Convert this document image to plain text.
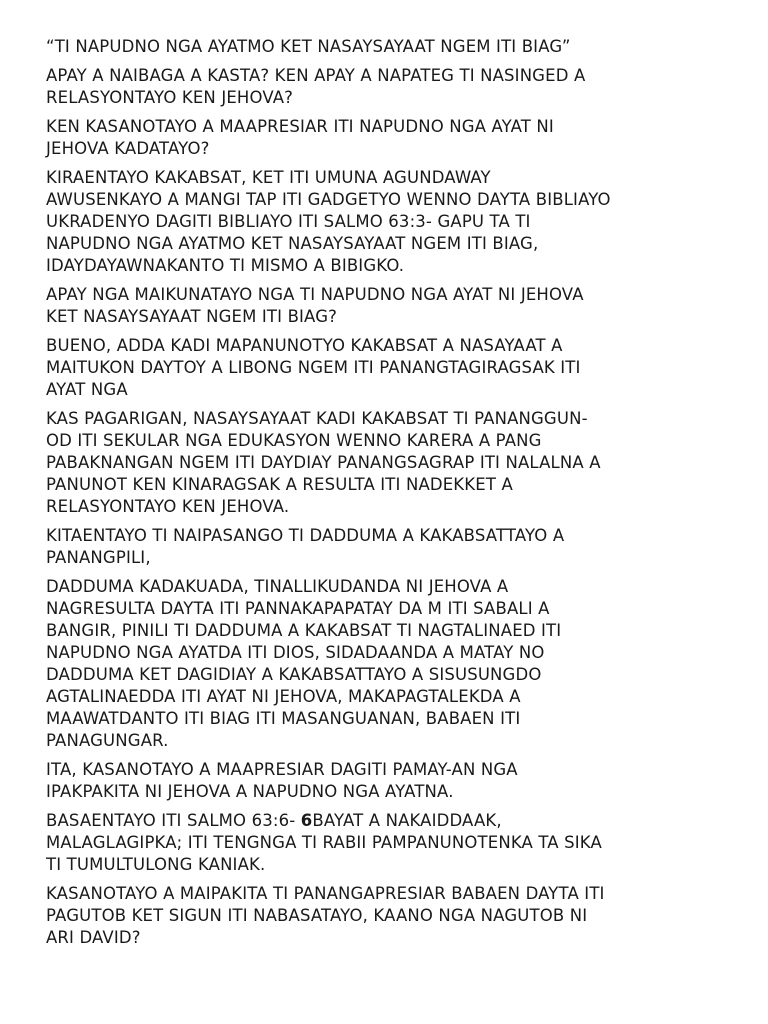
“TI NAPUDNO NGA AYATMO KET NASAYSAYAAT NGEM ITI BIAG”

APAY A NAIBAGA A KASTA? KEN APAY A NAPATEG TI NASINGED A
RELASYONTAYO KEN JEHOVA?

KEN KASANOTAYO A MAAPRESIAR ITI NAPUDNO NGA AYAT NI
JEHOVA KADATAYO?

KIRAENTAYO KAKABSAT, KET ITI UMUNA AGUNDAWAY
AWUSENKAYO A MANGI TAP ITI GADGETYO WENNO DAYTA BIBLIAYO
UKRADENYO DAGITI BIBLIAYO ITI SALMO 63:3- GAPU TA TI
NAPUDNO NGA AYATMO KET NASAYSAYAAT NGEM ITI BIAG,
IDAYDAYAWNAKANTO TI MISMO A BIBIGKO.

APAY NGA MAIKUNATAYO NGA TI NAPUDNO NGA AYAT NI JEHOVA
KET NASAYSAYAAT NGEM ITI BIAG?

BUENO, ADDA KADI MAPANUNOTYO KAKABSAT A NASAYAAT A
MAITUKON DAYTOY A LIBONG NGEM ITI PANANGTAGIRAGSAK ITI
AYAT NGA

KAS PAGARIGAN, NASAYSAYAAT KADI KAKABSAT TI PANANGGUN-
OD ITI SEKULAR NGA EDUKASYON WENNO KARERA A PANG
PABAKNANGAN NGEM ITI DAYDIAY PANANGSAGRAP ITI NALALNA A
PANUNOT KEN KINARAGSAK A RESULTA ITI NADEKKET A
RELASYONTAYO KEN JEHOVA.

KITAENTAYO TI NAIPASANGO TI DADDUMA A KAKABSATTAYO A
PANANGPILI,

DADDUMA KADAKUADA, TINALLIKUDANDA NI JEHOVA A
NAGRESULTA DAYTA ITI PANNAKAPAPATAY DA M ITI SABALI A
BANGIR, PINILI TI DADDUMA A KAKABSAT TI NAGTALINAED ITI
NAPUDNO NGA AYATDA ITI DIOS, SIDADAANDA A MATAY NO
DADDUMA KET DAGIDIAY A KAKABSATTAYO A SISUSUNGDO
AGTALINAEDDA ITI AYAT NI JEHOVA, MAKAPAGTALEKDA A
MAAWATDANTO ITI BIAG ITI MASANGUANAN, BABAEN ITI
PANAGUNGAR.

ITA, KASANOTAYO A MAAPRESIAR DAGITI PAMAY-AN NGA
IPAKPAKITA NI JEHOVA A NAPUDNO NGA AYATNA.

BASAENTAYO ITI SALMO 63:6- 6BAYAT A NAKAIDDAAK,
MALAGLAGIPKA; ITI TENGNGA TI RABII PAMPANUNOTENKA TA SIKA
TI TUMULTULONG KANIAK.

KASANOTAYO A MAIPAKITA TI PANANGAPRESIAR BABAEN DAYTA ITI
PAGUTOB KET SIGUN ITI NABASATAYO, KAANO NGA NAGUTOB NI
ARI DAVID?
